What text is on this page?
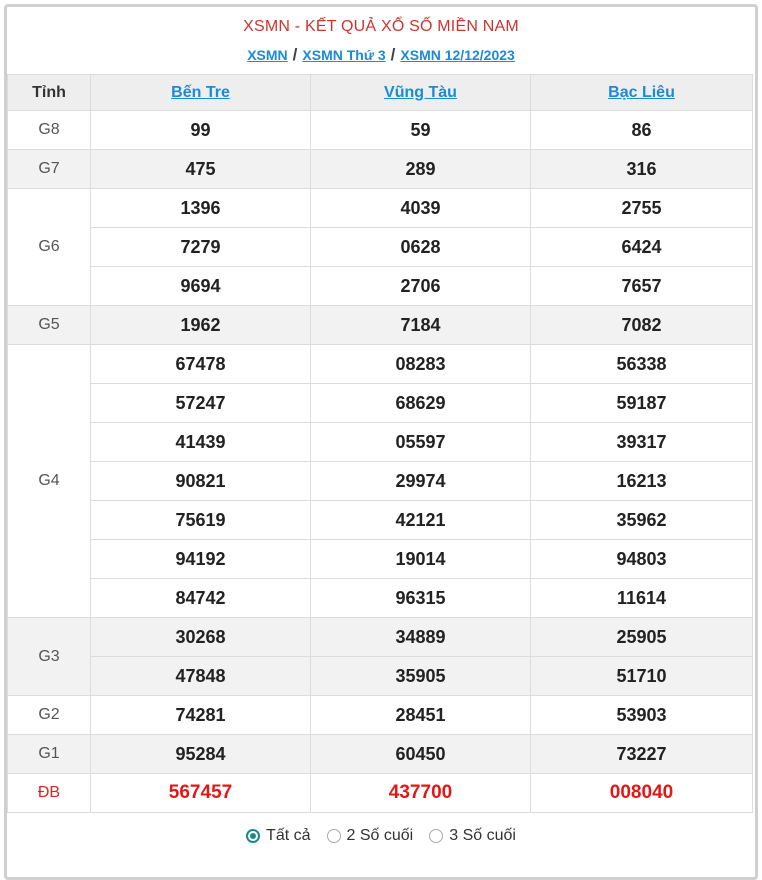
XSMN - KẾT QUẢ XỔ SỐ MIỀN NAM
XSMN / XSMN Thứ 3 / XSMN 12/12/2023
Tỉnh	Bến Tre	Vũng Tàu	Bạc Liêu
G8	99	59	86
G7	475	289	316
G6	1396	4039	2755
	7279	0628	6424
	9694	2706	7657
G5	1962	7184	7082
G4	67478	08283	56338
	57247	68629	59187
	41439	05597	39317
	90821	29974	16213
	75619	42121	35962
	94192	19014	94803
	84742	96315	11614
G3	30268	34889	25905
	47848	35905	51710
G2	74281	28451	53903
G1	95284	60450	73227
ĐB	567457	437700	008040
Tất cả 2 Số cuối 3 Số cuối
